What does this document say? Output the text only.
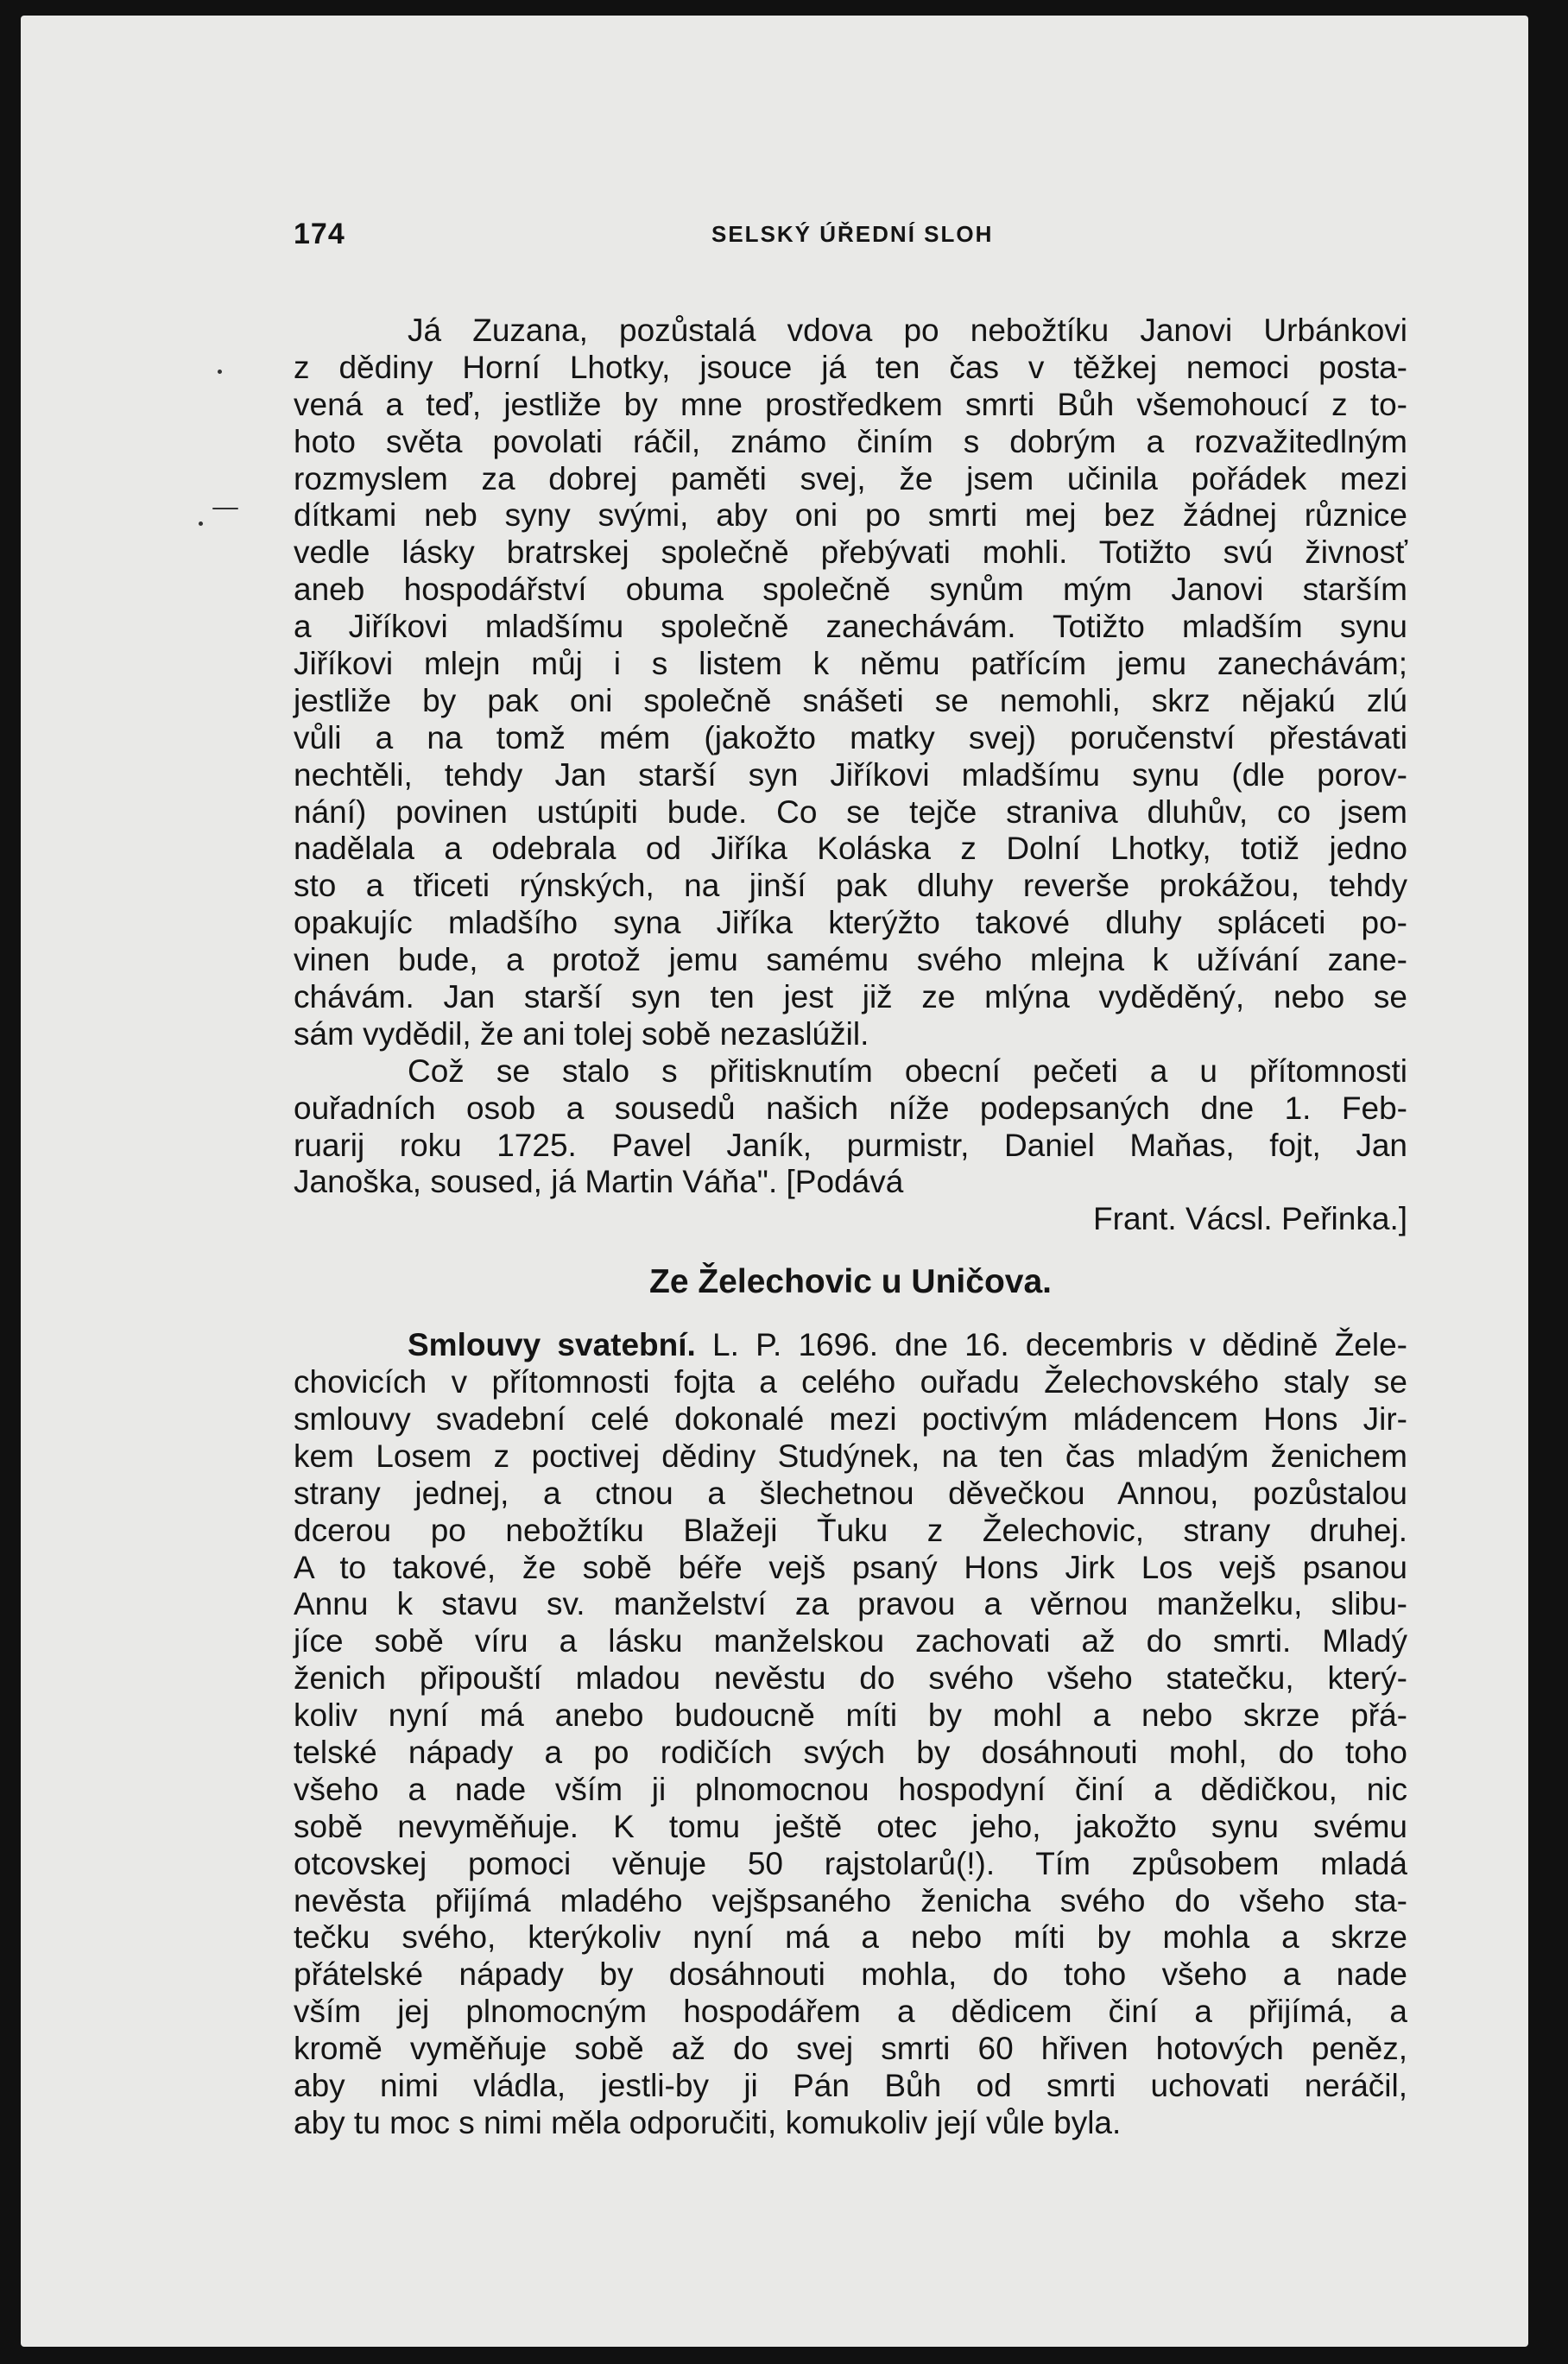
174	SELSKÝ ÚŘEDNÍ SLOH
Já Zuzana, pozůstalá vdova po nebožtíku Janovi Urbánkovi
z dědiny Horní Lhotky, jsouce já ten čas v těžkej nemoci posta-
vená a teď, jestliže by mne prostředkem smrti Bůh všemohoucí z to-
hoto světa povolati ráčil, známo činím s dobrým a rozvažitedlným
rozmyslem za dobrej paměti svej, že jsem učinila pořádek mezi
dítkami neb syny svými, aby oni po smrti mej bez žádnej různice
vedle lásky bratrskej společně přebývati mohli. Totižto svú živnosť
aneb hospodářství obuma společně synům mým Janovi starším
a Jiříkovi mladšímu společně zanechávám. Totižto mladším synu
Jiříkovi mlejn můj i s listem k němu patřícím jemu zanechávám;
jestliže by pak oni společně snášeti se nemohli, skrz nějakú zlú
vůli a na tomž mém (jakožto matky svej) poručenství přestávati
nechtěli, tehdy Jan starší syn Jiříkovi mladšímu synu (dle porov-
nání) povinen ustúpiti bude. Co se tejče straniva dluhův, co jsem
nadělala a odebrala od Jiříka Koláska z Dolní Lhotky, totiž jedno
sto a třiceti rýnských, na jinší pak dluhy reverše prokážou, tehdy
opakujíc mladšího syna Jiříka kterýžto takové dluhy spláceti po-
vinen bude, a protož jemu samému svého mlejna k užívání zane-
chávám. Jan starší syn ten jest již ze mlýna vyděděný, nebo se
sám vydědil, že ani tolej sobě nezaslúžil.
Což se stalo s přitisknutím obecní pečeti a u přítomnosti
ouřadních osob a sousedů našich níže podepsaných dne 1. Feb-
ruarij roku 1725. Pavel Janík, purmistr, Daniel Maňas, fojt, Jan
Janoška, soused, já Martin Váňa". [Podává
Frant. Vácsl. Peřinka.]
Ze Želechovic u Uničova.
Smlouvy svatební. L. P. 1696. dne 16. decembris v dědině Žele-
chovicích v přítomnosti fojta a celého ouřadu Želechovského staly se
smlouvy svadební celé dokonalé mezi poctivým mládencem Hons Jir-
kem Losem z poctivej dědiny Studýnek, na ten čas mladým ženichem
strany jednej, a ctnou a šlechetnou děvečkou Annou, pozůstalou
dcerou po nebožtíku Blažeji Ťuku z Želechovic, strany druhej.
A to takové, že sobě béře vejš psaný Hons Jirk Los vejš psanou
Annu k stavu sv. manželství za pravou a věrnou manželku, slibu-
jíce sobě víru a lásku manželskou zachovati až do smrti. Mladý
ženich připouští mladou nevěstu do svého všeho statečku, který-
koliv nyní má anebo budoucně míti by mohl a nebo skrze přá-
telské nápady a po rodičích svých by dosáhnouti mohl, do toho
všeho a nade vším ji plnomocnou hospodyní činí a dědičkou, nic
sobě nevyměňuje. K tomu ještě otec jeho, jakožto synu svému
otcovskej pomoci věnuje 50 rajstolarů(!). Tím způsobem mladá
nevěsta přijímá mladého vejšpsaného ženicha svého do všeho sta-
tečku svého, kterýkoliv nyní má a nebo míti by mohla a skrze
přátelské nápady by dosáhnouti mohla, do toho všeho a nade
vším jej plnomocným hospodářem a dědicem činí a přijímá, a
kromě vyměňuje sobě až do svej smrti 60 hřiven hotových peněz,
aby nimi vládla, jestli-by ji Pán Bůh od smrti uchovati neráčil,
aby tu moc s nimi měla odporučiti, komukoliv její vůle byla.
